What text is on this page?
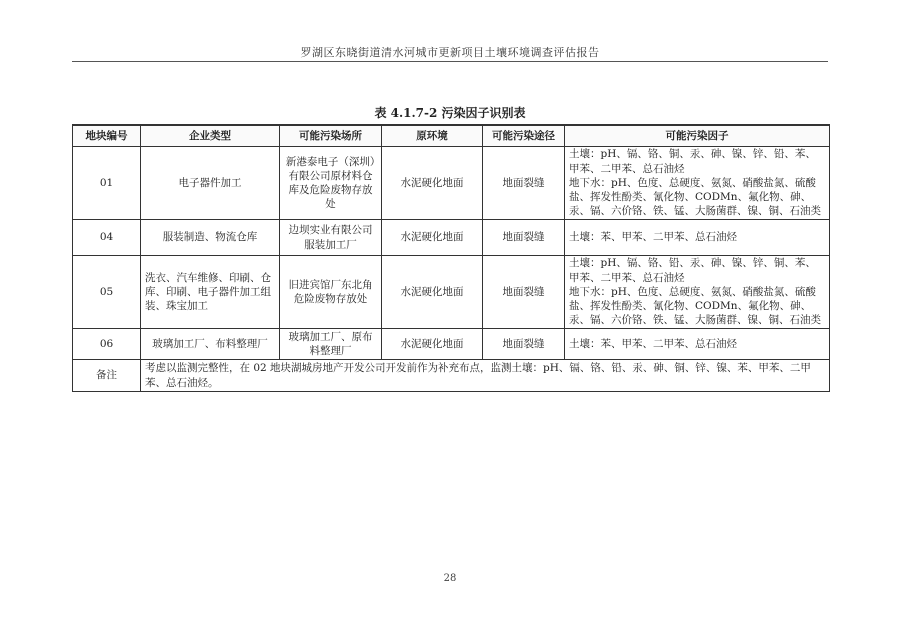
罗湖区东晓街道清水河城市更新项目土壤环境调查评估报告
表 4.1.7-2 污染因子识别表
地块编号	企业类型	可能污染场所	原环境	可能污染途径	可能污染因子
01	电子器件加工	新港泰电子（深圳）有限公司原材料仓库及危险废物存放处	水泥硬化地面	地面裂缝	土壤：pH、镉、铬、铜、汞、砷、镍、锌、铅、苯、甲苯、二甲苯、总石油烃
地下水：pH、色度、总硬度、氨氮、硝酸盐氮、硫酸盐、挥发性酚类、氰化物、CODMn、氟化物、砷、汞、镉、六价铬、铁、锰、大肠菌群、镍、铜、石油类
04	服装制造、物流仓库	边坝实业有限公司服装加工厂	水泥硬化地面	地面裂缝	土壤：苯、甲苯、二甲苯、总石油烃
05	洗衣、汽车维修、印刷、仓库、印刷、电子器件加工组装、珠宝加工	旧进宾馆厂东北角危险废物存放处	水泥硬化地面	地面裂缝	土壤：pH、镉、铬、铅、汞、砷、镍、锌、铜、苯、甲苯、二甲苯、总石油烃
地下水：pH、色度、总硬度、氨氮、硝酸盐氮、硫酸盐、挥发性酚类、氰化物、CODMn、氟化物、砷、汞、镉、六价铬、铁、锰、大肠菌群、镍、铜、石油类
06	玻璃加工厂、布料整理厂	玻璃加工厂、原布料整理厂	水泥硬化地面	地面裂缝	土壤：苯、甲苯、二甲苯、总石油烃
备注	考虑以监测完整性，在 02 地块湖城房地产开发公司开发前作为补充布点，监测土壤：pH、镉、铬、铅、汞、砷、铜、锌、镍、苯、甲苯、二甲苯、总石油烃。				
28
